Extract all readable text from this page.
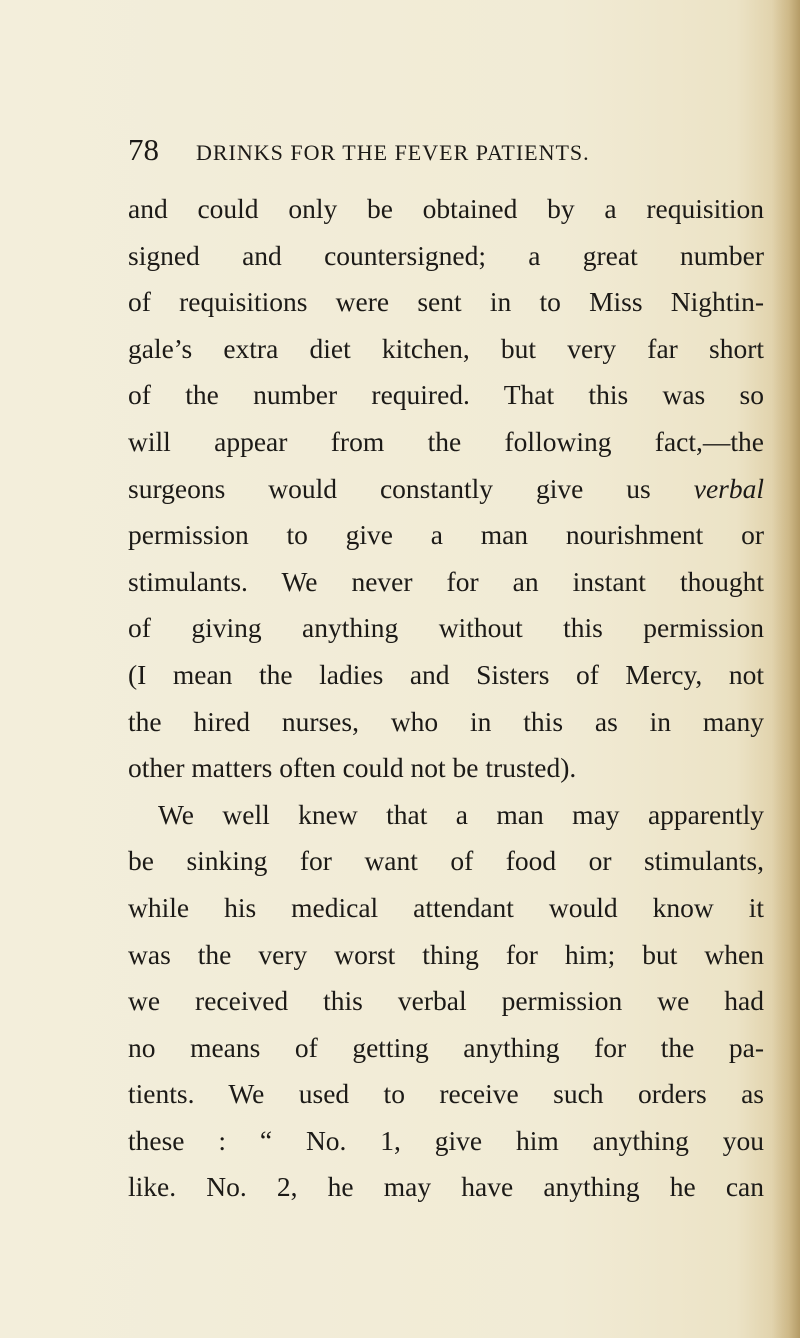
78	DRINKS FOR THE FEVER PATIENTS.
and could only be obtained by a requisition
signed and countersigned; a great number
of requisitions were sent in to Miss Nightin-
gale’s extra diet kitchen, but very far short
of the number required. That this was so
will appear from the following fact,—the
surgeons would constantly give us verbal
permission to give a man nourishment or
stimulants. We never for an instant thought
of giving anything without this permission
(I mean the ladies and Sisters of Mercy, not
the hired nurses, who in this as in many
other matters often could not be trusted).
We well knew that a man may apparently
be sinking for want of food or stimulants,
while his medical attendant would know it
was the very worst thing for him; but when
we received this verbal permission we had
no means of getting anything for the pa-
tients. We used to receive such orders as
these : “ No. 1, give him anything you
like. No. 2, he may have anything he can
